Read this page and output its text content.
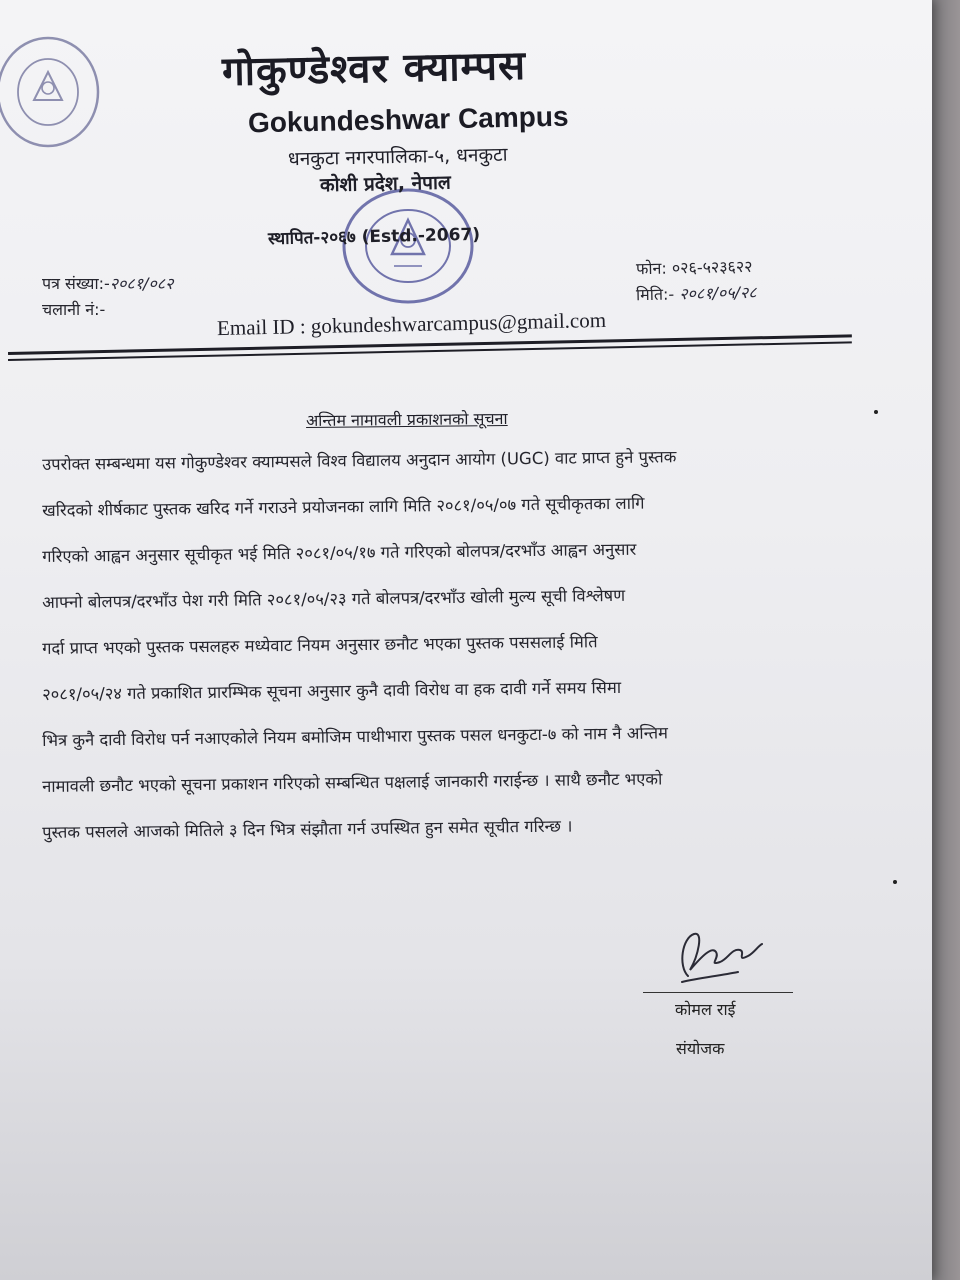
गोकुण्डेश्वर क्याम्पस
Gokundeshwar Campus
धनकुटा नगरपालिका-५, धनकुटा
कोशी प्रदेश, नेपाल
स्थापित-२०६७ (Estd.-2067)
पत्र संख्या:-२०८१/०८२
चलानी नं:-
फोन: ०२६-५२३६२२
मिति:- २०८१/०५/२८
Email ID : gokundeshwarcampus@gmail.com
अन्तिम नामावली प्रकाशनको सूचना
उपरोक्त सम्बन्धमा यस गोकुण्डेश्वर क्याम्पसले विश्व विद्यालय अनुदान आयोग (UGC) वाट प्राप्त हुने पुस्तक
खरिदको शीर्षकाट पुस्तक खरिद गर्ने गराउने प्रयोजनका लागि मिति २०८१/०५/०७ गते सूचीकृतका लागि
गरिएको आह्वन अनुसार सूचीकृत भई मिति २०८१/०५/१७ गते गरिएको बोलपत्र/दरभाँउ आह्वन अनुसार
आफ्नो बोलपत्र/दरभाँउ पेश गरी मिति २०८१/०५/२३ गते बोलपत्र/दरभाँउ खोली मुल्य सूची विश्लेषण
गर्दा प्राप्त भएको पुस्तक पसलहरु मध्येवाट नियम अनुसार छनौट भएका पुस्तक पससलाई मिति
२०८१/०५/२४ गते प्रकाशित प्रारम्भिक सूचना अनुसार कुनै दावी विरोध वा हक दावी गर्ने समय सिमा
भित्र कुनै दावी विरोध पर्न नआएकोले नियम बमोजिम पाथीभारा पुस्तक पसल धनकुटा-७ को नाम नै अन्तिम
नामावली छनौट भएको सूचना प्रकाशन गरिएको सम्बन्धित पक्षलाई जानकारी गराईन्छ । साथै छनौट भएको
पुस्तक पसलले आजको मितिले ३ दिन भित्र संझौता गर्न उपस्थित हुन समेत सूचीत गरिन्छ ।
कोमल राई
संयोजक
